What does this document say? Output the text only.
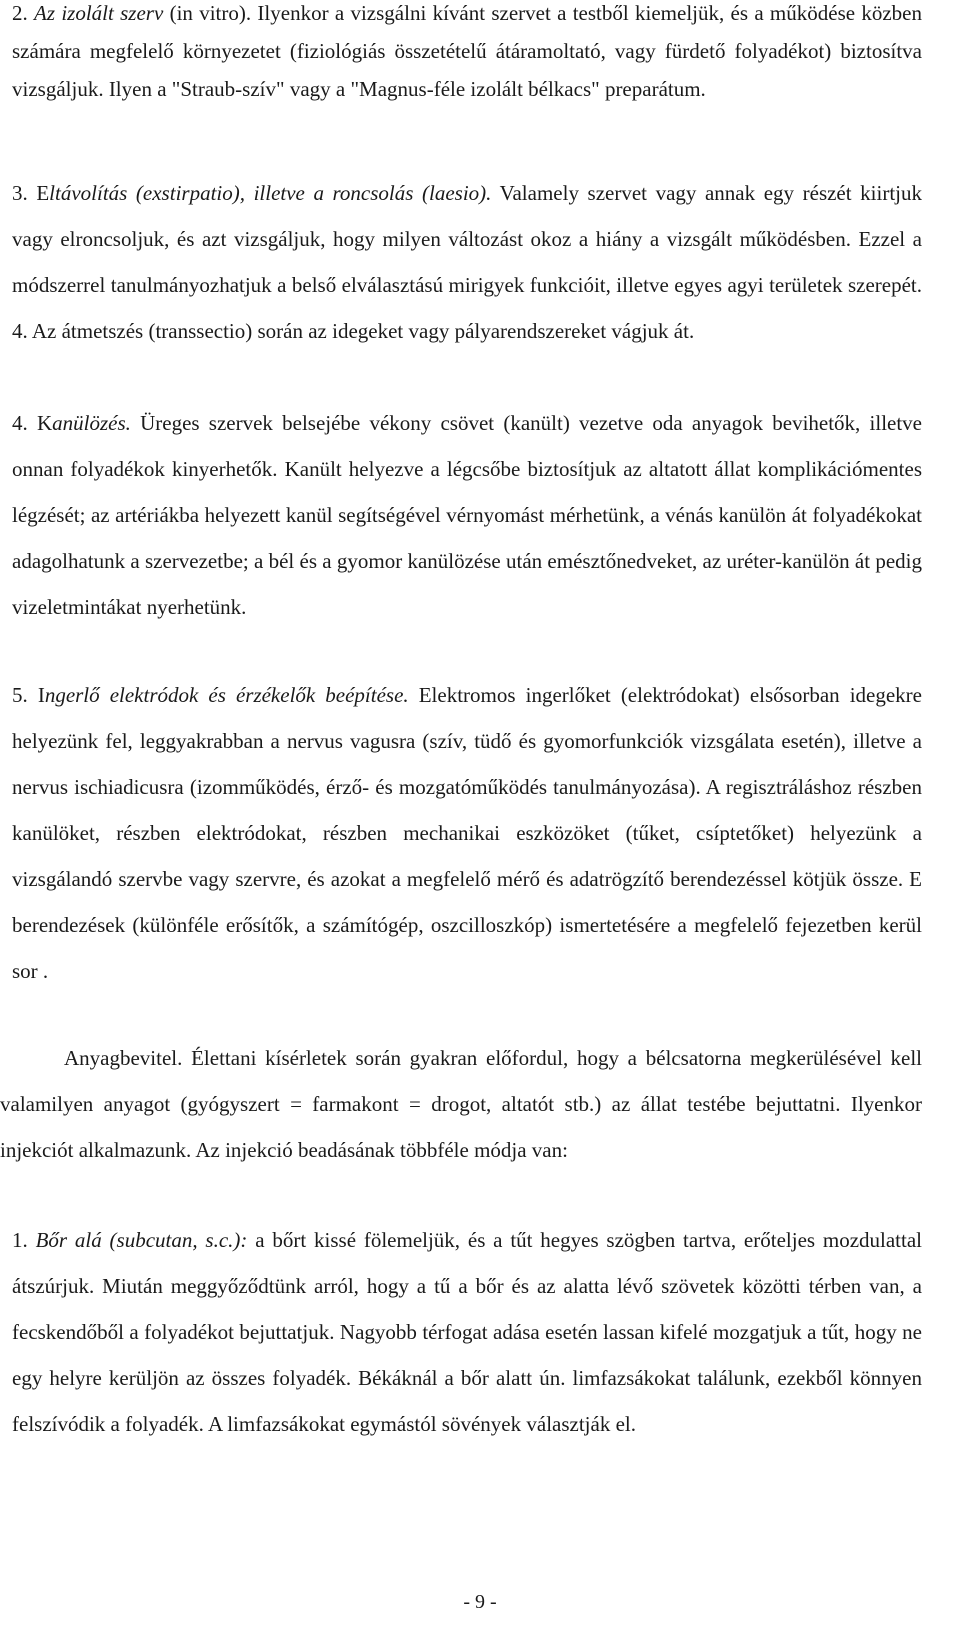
2. Az izolált szerv (in vitro). Ilyenkor a vizsgálni kívánt szervet a testből kiemeljük, és a működése közben számára megfelelő környezetet (fiziológiás összetételű átáramoltató, vagy fürdető folyadékot) biztosítva vizsgáljuk. Ilyen a "Straub-szív" vagy a "Magnus-féle izolált bélkacs" preparátum.

3. Eltávolítás (exstirpatio), illetve a roncsolás (laesio). Valamely szervet vagy annak egy részét kiirtjuk vagy elroncsoljuk, és azt vizsgáljuk, hogy milyen változást okoz a hiány a vizsgált működésben. Ezzel a módszerrel tanulmányozhatjuk a belső elválasztású mirigyek funkcióit, illetve egyes agyi területek szerepét. 4. Az átmetszés (transsectio) során az idegeket vagy pályarendszereket vágjuk át.

4. Kanülözés. Üreges szervek belsejébe vékony csövet (kanült) vezetve oda anyagok bevihetők, illetve onnan folyadékok kinyerhetők. Kanült helyezve a légcsőbe biztosítjuk az altatott állat komplikációmentes légzését; az artériákba helyezett kanül segítségével vérnyomást mérhetünk, a vénás kanülön át folyadékokat adagolhatunk a szervezetbe; a bél és a gyomor kanülözése után emésztőnedveket, az uréter-kanülön át pedig vizeletmintákat nyerhetünk.

5. Ingerlő elektródok és érzékelők beépítése. Elektromos ingerlőket (elektródokat) elsősorban idegekre helyezünk fel, leggyakrabban a nervus vagusra (szív, tüdő és gyomorfunkciók vizsgálata esetén), illetve a nervus ischiadicusra (izomműködés, érző- és mozgatóműködés tanulmányozása). A regisztráláshoz részben kanülöket, részben elektródokat, részben mechanikai eszközöket (tűket, csíptetőket) helyezünk a vizsgálandó szervbe vagy szervre, és azokat a megfelelő mérő és adatrögzítő berendezéssel kötjük össze. E berendezések (különféle erősítők, a számítógép, oszcilloszkóp) ismertetésére a megfelelő fejezetben kerül sor .

Anyagbevitel. Élettani kísérletek során gyakran előfordul, hogy a bélcsatorna megkerülésével kell valamilyen anyagot (gyógyszert = farmakont = drogot, altatót stb.) az állat testébe bejuttatni. Ilyenkor injekciót alkalmazunk. Az injekció beadásának többféle módja van:

1. Bőr alá (subcutan, s.c.): a bőrt kissé fölemeljük, és a tűt hegyes szögben tartva, erőteljes mozdulattal átszúrjuk. Miután meggyőződtünk arról, hogy a tű a bőr és az alatta lévő szövetek közötti térben van, a fecskendőből a folyadékot bejuttatjuk. Nagyobb térfogat adása esetén lassan kifelé mozgatjuk a tűt, hogy ne egy helyre kerüljön az összes folyadék. Békáknál a bőr alatt ún. limfazsákokat találunk, ezekből könnyen felszívódik a folyadék. A limfazsákokat egymástól sövények választják el.

- 9 -
